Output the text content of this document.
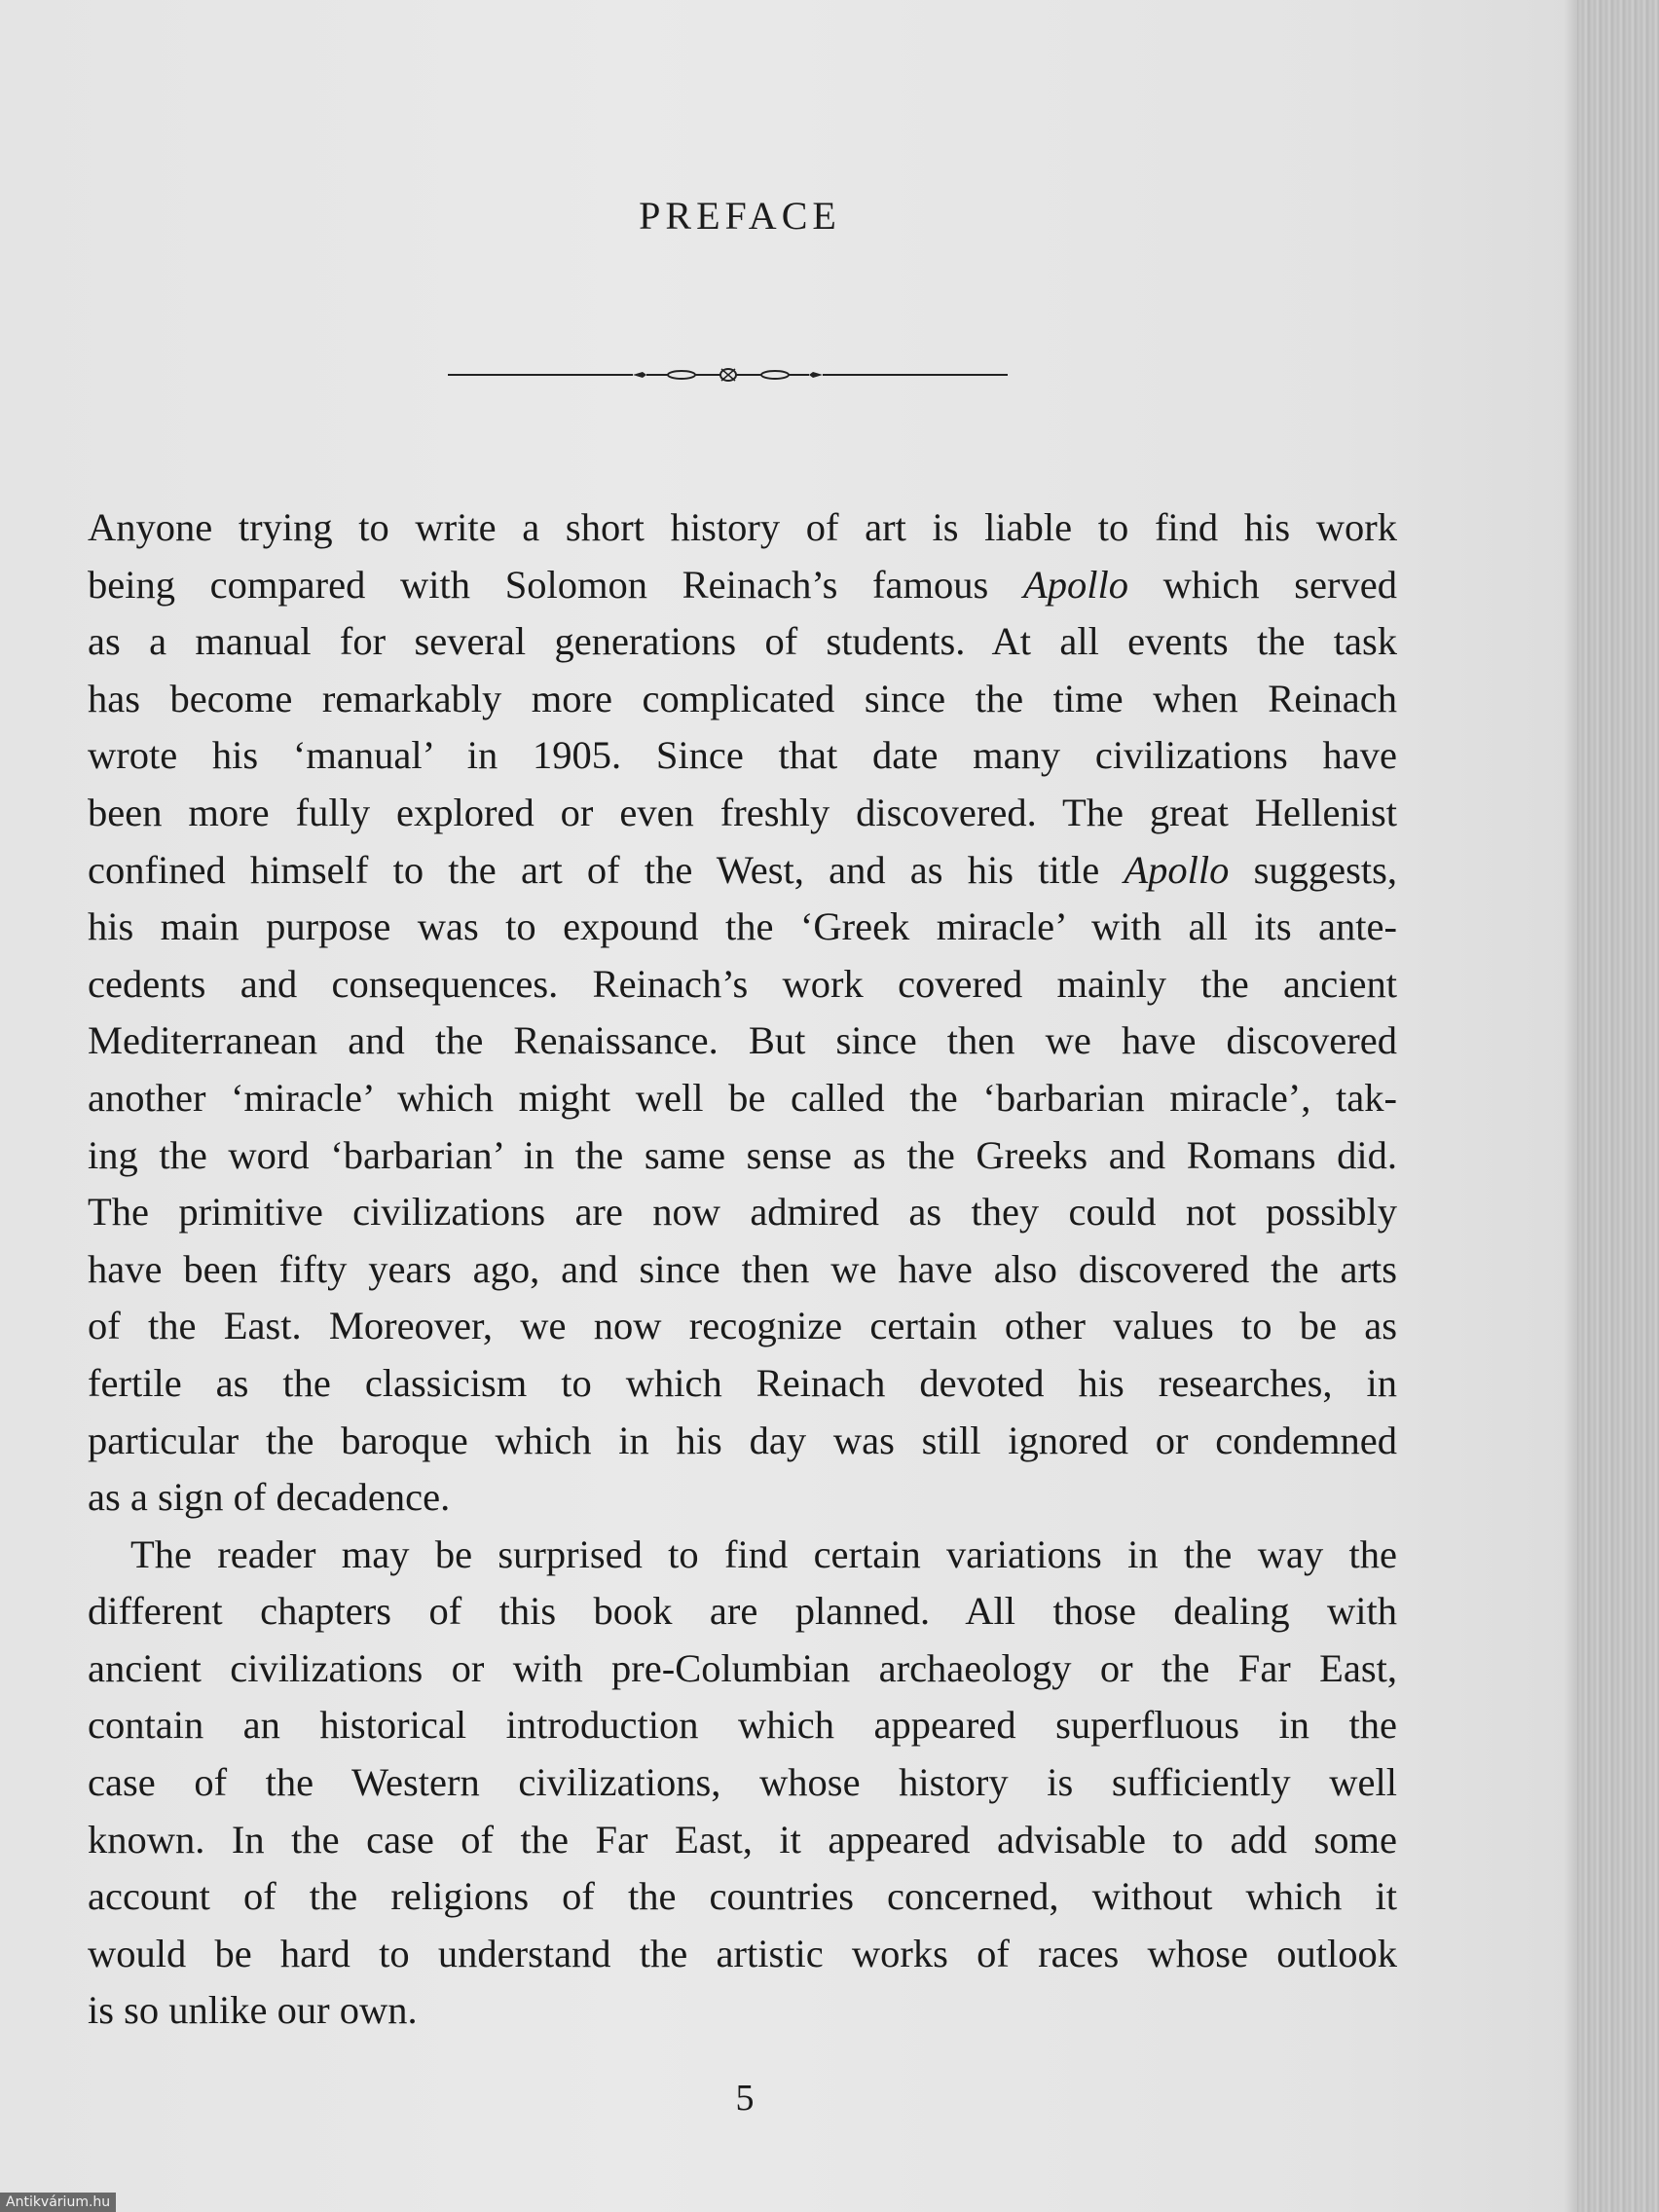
PREFACE
Anyone trying to write a short history of art is liable to find his work
being compared with Solomon Reinach’s famous Apollo which served
as a manual for several generations of students. At all events the task
has become remarkably more complicated since the time when Reinach
wrote his ‘manual’ in 1905. Since that date many civilizations have
been more fully explored or even freshly discovered. The great Hellenist
confined himself to the art of the West, and as his title Apollo suggests,
his main purpose was to expound the ‘Greek miracle’ with all its ante-
cedents and consequences. Reinach’s work covered mainly the ancient
Mediterranean and the Renaissance. But since then we have discovered
another ‘miracle’ which might well be called the ‘barbarian miracle’, tak-
ing the word ‘barbarian’ in the same sense as the Greeks and Romans did.
The primitive civilizations are now admired as they could not possibly
have been fifty years ago, and since then we have also discovered the arts
of the East. Moreover, we now recognize certain other values to be as
fertile as the classicism to which Reinach devoted his researches, in
particular the baroque which in his day was still ignored or condemned
as a sign of decadence.
The reader may be surprised to find certain variations in the way the
different chapters of this book are planned. All those dealing with
ancient civilizations or with pre-Columbian archaeology or the Far East,
contain an historical introduction which appeared superfluous in the
case of the Western civilizations, whose history is sufficiently well
known. In the case of the Far East, it appeared advisable to add some
account of the religions of the countries concerned, without which it
would be hard to understand the artistic works of races whose outlook
is so unlike our own.
5
Antikvárium.hu
